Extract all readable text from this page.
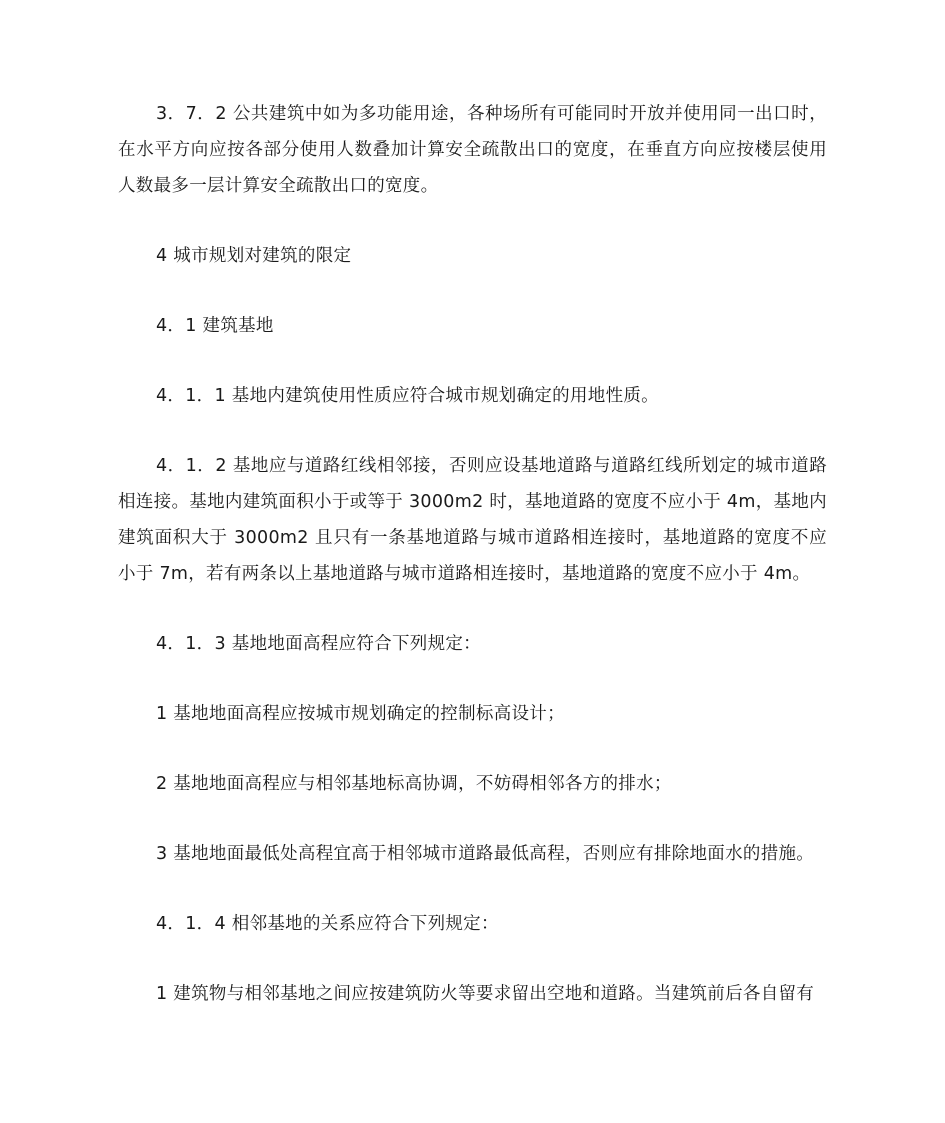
3．7．2 公共建筑中如为多功能用途，各种场所有可能同时开放并使用同一出口时，在水平方向应按各部分使用人数叠加计算安全疏散出口的宽度，在垂直方向应按楼层使用人数最多一层计算安全疏散出口的宽度。

4 城市规划对建筑的限定

4．1 建筑基地

4．1．1 基地内建筑使用性质应符合城市规划确定的用地性质。

4．1．2 基地应与道路红线相邻接，否则应设基地道路与道路红线所划定的城市道路相连接。基地内建筑面积小于或等于 3000m2 时，基地道路的宽度不应小于 4m，基地内建筑面积大于 3000m2 且只有一条基地道路与城市道路相连接时，基地道路的宽度不应小于 7m，若有两条以上基地道路与城市道路相连接时，基地道路的宽度不应小于 4m。

4．1．3 基地地面高程应符合下列规定：

1 基地地面高程应按城市规划确定的控制标高设计；

2 基地地面高程应与相邻基地标高协调，不妨碍相邻各方的排水；

3 基地地面最低处高程宜高于相邻城市道路最低高程，否则应有排除地面水的措施。

4．1．4 相邻基地的关系应符合下列规定：

1 建筑物与相邻基地之间应按建筑防火等要求留出空地和道路。当建筑前后各自留有
